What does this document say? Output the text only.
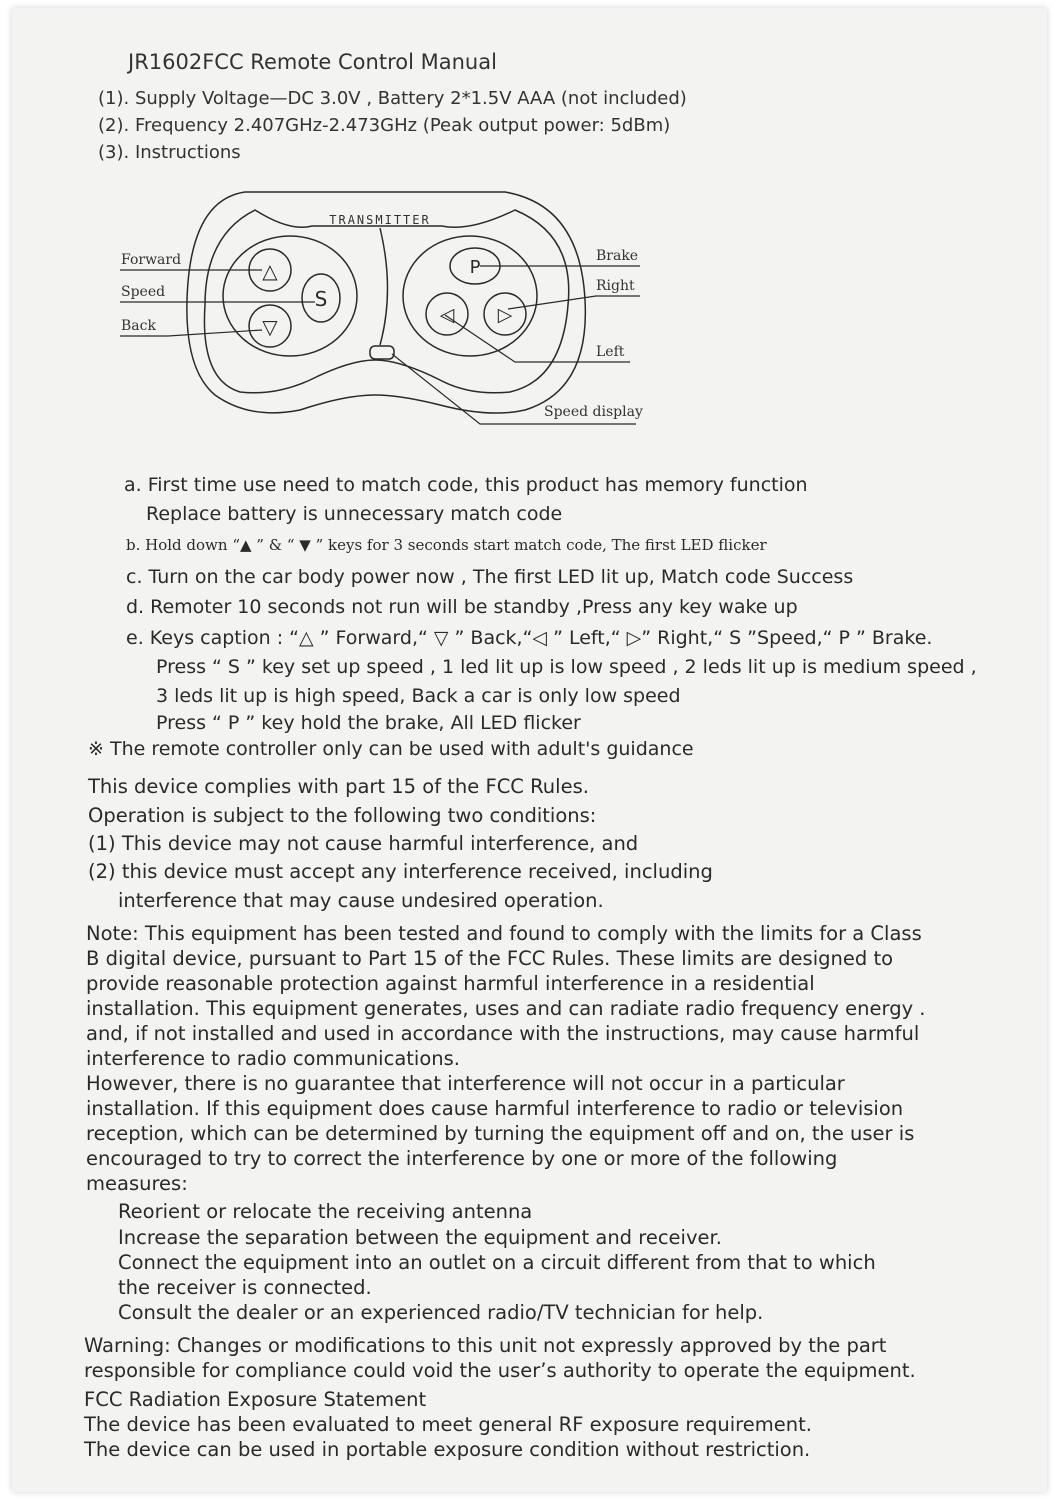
JR1602FCC Remote Control Manual

(1). Supply Voltage—DC 3.0V , Battery 2*1.5V AAA (not included)

(2). Frequency 2.407GHz-2.473GHz (Peak output power: 5dBm)

(3). Instructions

TRANSMITTER
△
▽
S
P
◁ ▷
Forward
Speed
Back
Brake
Right
Left
Speed display

a. First time use need to match code, this product has memory function

Replace battery is unnecessary match code

b. Hold down “▲ ” & “ ▼ ” keys for 3 seconds start match code, The first LED flicker

c. Turn on the car body power now , The first LED lit up, Match code Success

d. Remoter 10 seconds not run will be standby ,Press any key wake up

e. Keys caption : “△ ” Forward,“ ▽ ” Back,“◁ ” Left,“ ▷” Right,“ S ”Speed,“ P ” Brake.

Press “ S ” key set up speed , 1 led lit up is low speed , 2 leds lit up is medium speed ,

3 leds lit up is high speed, Back a car is only low speed

Press “ P ” key hold the brake, All LED flicker

※ The remote controller only can be used with adult's guidance

This device complies with part 15 of the FCC Rules.

Operation is subject to the following two conditions:

(1) This device may not cause harmful interference, and

(2) this device must accept any interference received, including

interference that may cause undesired operation.

Note: This equipment has been tested and found to comply with the limits for a Class

B digital device, pursuant to Part 15 of the FCC Rules. These limits are designed to

provide reasonable protection against harmful interference in a residential

installation. This equipment generates, uses and can radiate radio frequency energy .

and, if not installed and used in accordance with the instructions, may cause harmful

interference to radio communications.

However, there is no guarantee that interference will not occur in a particular

installation. If this equipment does cause harmful interference to radio or television

reception, which can be determined by turning the equipment off and on, the user is

encouraged to try to correct the interference by one or more of the following

measures:

Reorient or relocate the receiving antenna

Increase the separation between the equipment and receiver.

Connect the equipment into an outlet on a circuit different from that to which

the receiver is connected.

Consult the dealer or an experienced radio/TV technician for help.

Warning: Changes or modifications to this unit not expressly approved by the part

responsible for compliance could void the user’s authority to operate the equipment.

FCC Radiation Exposure Statement

The device has been evaluated to meet general RF exposure requirement.

The device can be used in portable exposure condition without restriction.
